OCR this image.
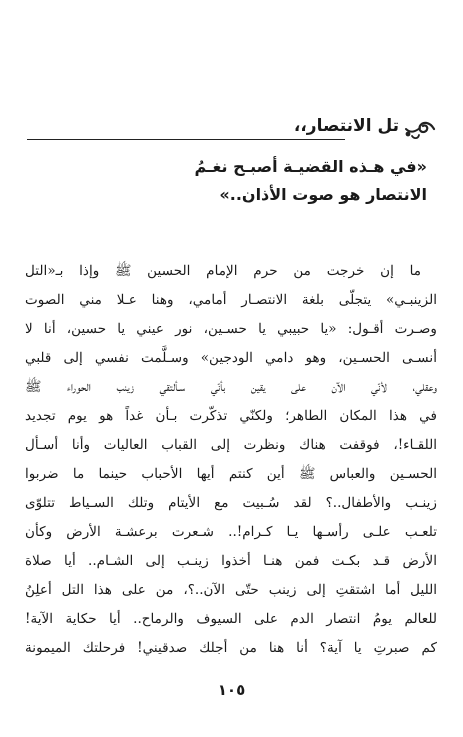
تل الانتصار،،
«في هـذه القضيـة أصبـح نغـمُ
الانتصار هو صوت الأذان..»
ما إن خرجت من حرم الإمام الحسين ﷺ وإذا بـ«التل
الزينبـي» يتجلّى بلغة الانتصـار أمامي، وهنا عـلا مني الصوت
وصـرت أقـول: «يا حبيبي يا حسـين، نور عيني يا حسين، أنا لا
أنسـى الحسـين، وهو دامي الودجين» وسـلَّمت نفسي إلى قلبي
وعقلي، لأنّي الآن على يقين بأنّي سـألتقي زينب الحوراء ﷺ
في هذا المكان الطاهر؛ ولكنّي تذكّرت بـأن غداً هو يوم تجديد
اللقـاء!، فوقفت هناك ونظرت إلى القباب العاليات وأنا أسـأل
الحسـين والعباس ﷺ أين كنتم أيها الأحباب حينما ما ضربوا
زينـب والأطفال..؟ لقد سُـبيت مع الأيتام وتلك السـياط تتلوّى
تلعـب علـى رأسـها يـا كـرام!.. شـعرت برعشـة الأرض وكأن
الأرض قـد بكـت فمن هنـا أخذوا زينـب إلى الشـام.. أيا صلاة
الليل أما اشتقتِ إلى زينب حتّى الآن..؟، من على هذا التل أعلِنُ
للعالم يومُ انتصار الدم على السيوف والرماح.. أيا حكاية الآية!
كم صبرتِ يا آية؟ أنا هنا من أجلك صدقيني! فرحلتك الميمونة
١٠٥
